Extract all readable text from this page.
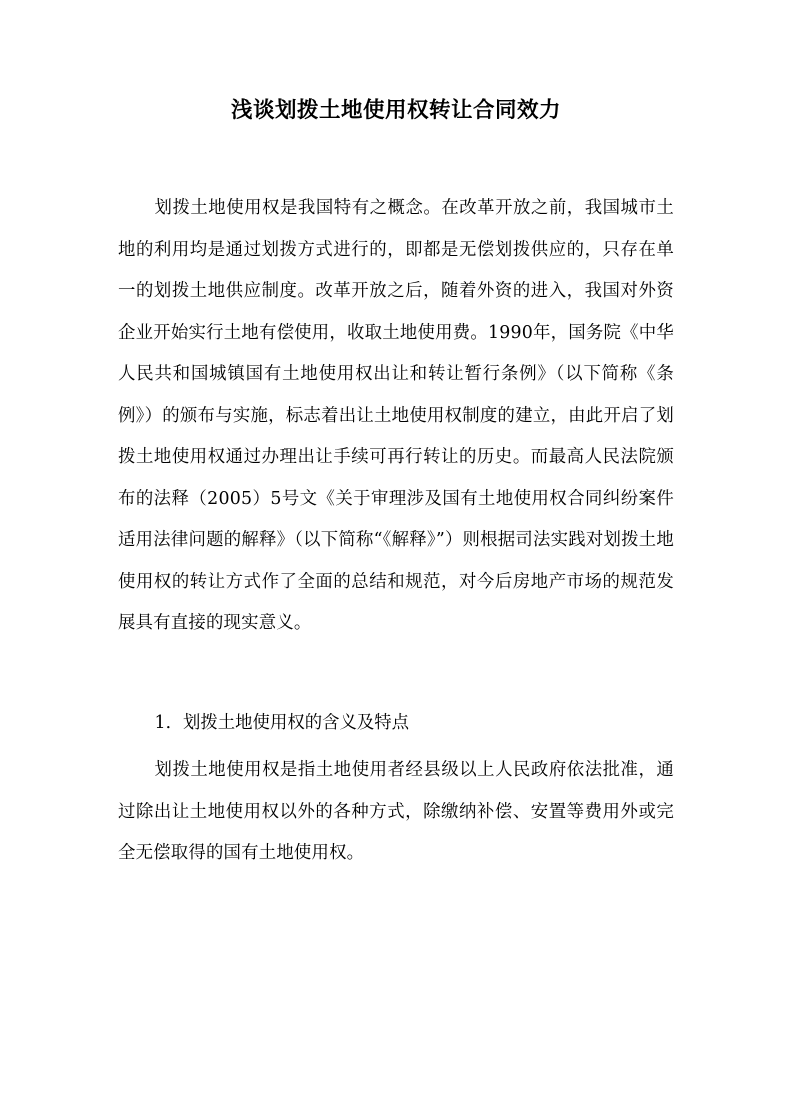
浅谈划拨土地使用权转让合同效力

划拨土地使用权是我国特有之概念。在改革开放之前，我国城市土地的利用均是通过划拨方式进行的，即都是无偿划拨供应的，只存在单一的划拨土地供应制度。改革开放之后，随着外资的进入，我国对外资企业开始实行土地有偿使用，收取土地使用费。1990年，国务院《中华人民共和国城镇国有土地使用权出让和转让暂行条例》（以下简称《条例》）的颁布与实施，标志着出让土地使用权制度的建立，由此开启了划拨土地使用权通过办理出让手续可再行转让的历史。而最高人民法院颁布的法释（2005）5号文《关于审理涉及国有土地使用权合同纠纷案件适用法律问题的解释》（以下简称“《解释》”）则根据司法实践对划拨土地使用权的转让方式作了全面的总结和规范，对今后房地产市场的规范发展具有直接的现实意义。

1．划拨土地使用权的含义及特点

划拨土地使用权是指土地使用者经县级以上人民政府依法批准，通过除出让土地使用权以外的各种方式，除缴纳补偿、安置等费用外或完全无偿取得的国有土地使用权。
